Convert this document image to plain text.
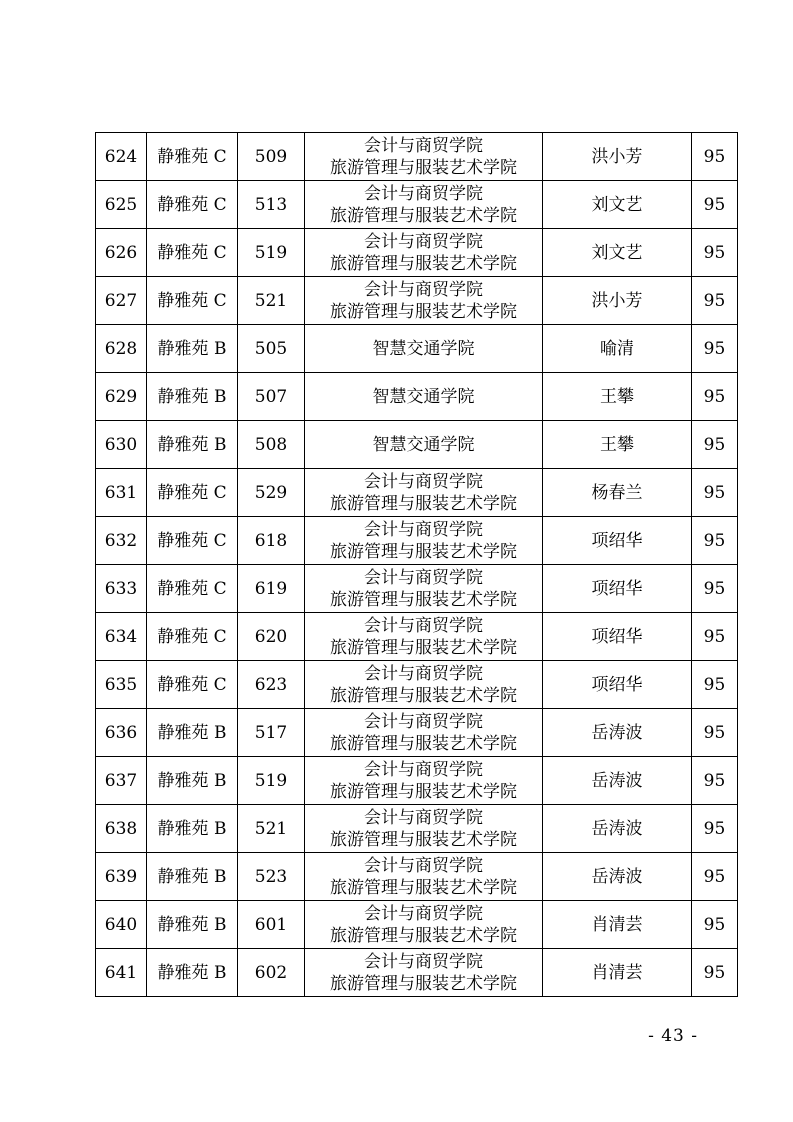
624	静雅苑 C	509	会计与商贸学院
旅游管理与服装艺术学院	洪小芳	95
625	静雅苑 C	513	会计与商贸学院
旅游管理与服装艺术学院	刘文艺	95
626	静雅苑 C	519	会计与商贸学院
旅游管理与服装艺术学院	刘文艺	95
627	静雅苑 C	521	会计与商贸学院
旅游管理与服装艺术学院	洪小芳	95
628	静雅苑 B	505	智慧交通学院	喻清	95
629	静雅苑 B	507	智慧交通学院	王攀	95
630	静雅苑 B	508	智慧交通学院	王攀	95
631	静雅苑 C	529	会计与商贸学院
旅游管理与服装艺术学院	杨春兰	95
632	静雅苑 C	618	会计与商贸学院
旅游管理与服装艺术学院	项绍华	95
633	静雅苑 C	619	会计与商贸学院
旅游管理与服装艺术学院	项绍华	95
634	静雅苑 C	620	会计与商贸学院
旅游管理与服装艺术学院	项绍华	95
635	静雅苑 C	623	会计与商贸学院
旅游管理与服装艺术学院	项绍华	95
636	静雅苑 B	517	会计与商贸学院
旅游管理与服装艺术学院	岳涛波	95
637	静雅苑 B	519	会计与商贸学院
旅游管理与服装艺术学院	岳涛波	95
638	静雅苑 B	521	会计与商贸学院
旅游管理与服装艺术学院	岳涛波	95
639	静雅苑 B	523	会计与商贸学院
旅游管理与服装艺术学院	岳涛波	95
640	静雅苑 B	601	会计与商贸学院
旅游管理与服装艺术学院	肖清芸	95
641	静雅苑 B	602	会计与商贸学院
旅游管理与服装艺术学院	肖清芸	95
- 43 -
